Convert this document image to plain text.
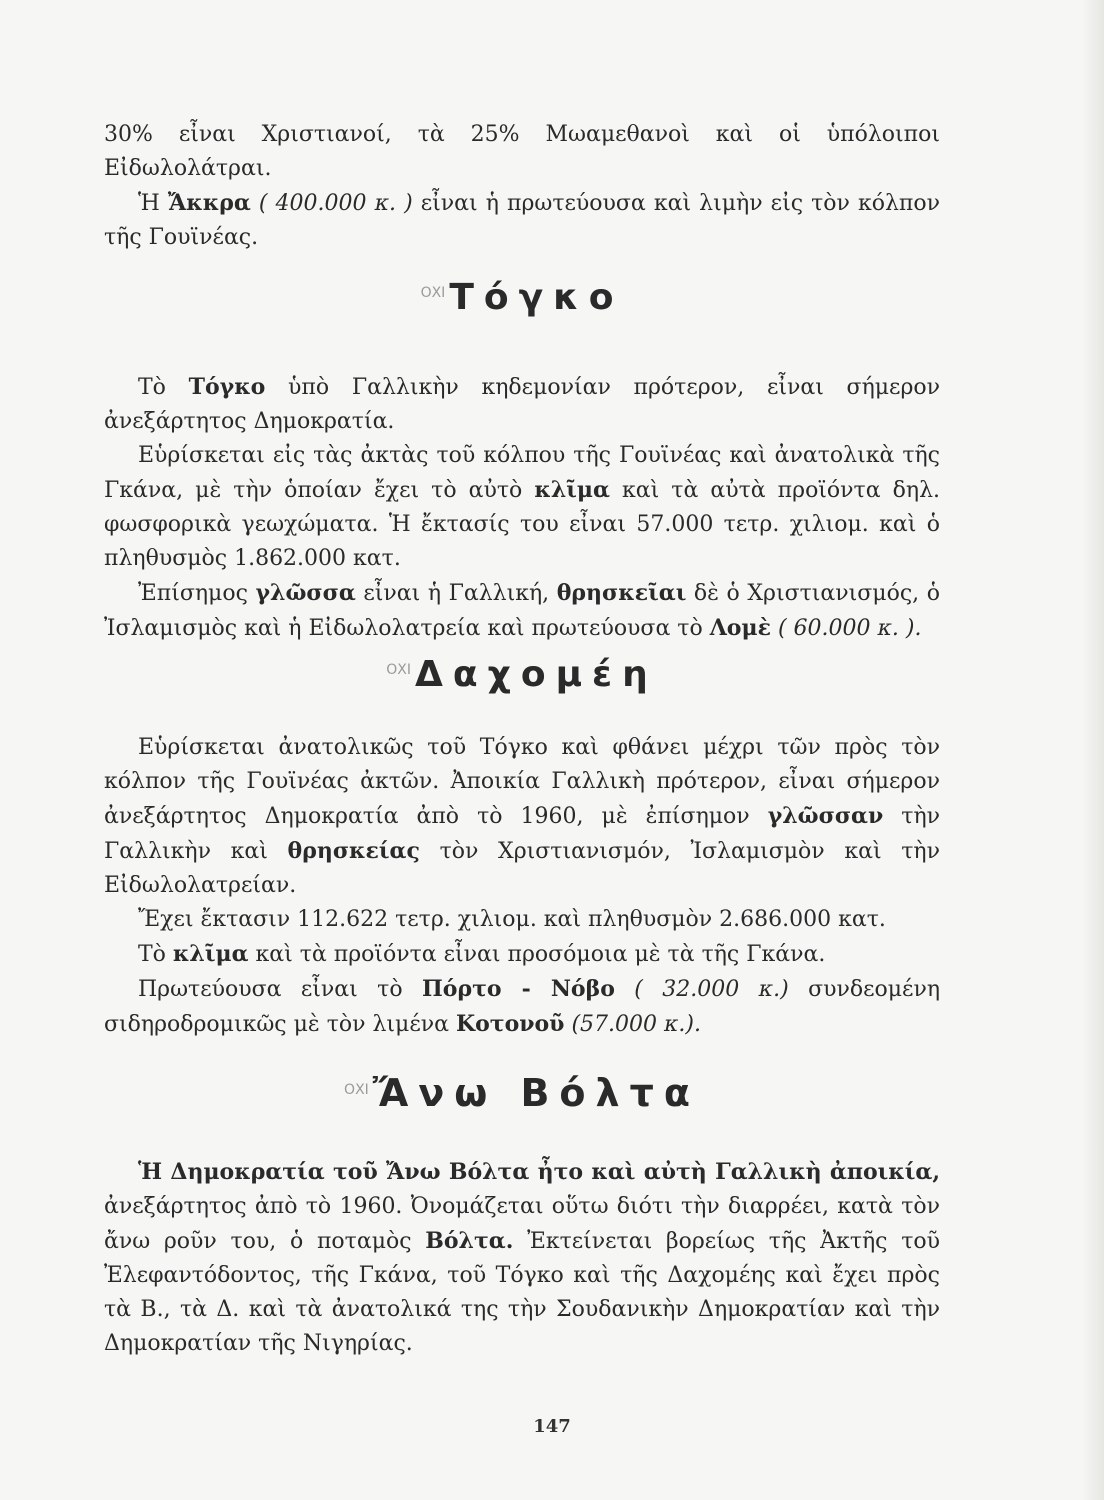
30% εἶναι Χριστιανοί, τὰ 25% Μωαμεθανοὶ καὶ οἱ ὑπόλοιποι Εἰδωλολάτραι.

Ἡ Ἄκκρα ( 400.000 κ. ) εἶναι ἡ πρωτεύουσα καὶ λιμὴν εἰς τὸν κόλπον τῆς Γουϊνέας.

$^{OXI}$ Τόγκο

Τὸ Τόγκο ὑπὸ Γαλλικὴν κηδεμονίαν πρότερον, εἶναι σήμερον ἀνεξάρτητος Δημοκρατία.

Εὑρίσκεται εἰς τὰς ἀκτὰς τοῦ κόλπου τῆς Γουϊνέας καὶ ἀνατολικὰ τῆς Γκάνα, μὲ τὴν ὁποίαν ἔχει τὸ αὐτὸ κλῖμα καὶ τὰ αὐτὰ προϊόντα δηλ. φωσφορικὰ γεωχώματα. Ἡ ἔκτασίς του εἶναι 57.000 τετρ. χιλιομ. καὶ ὁ πληθυσμὸς 1.862.000 κατ.

Ἐπίσημος γλῶσσα εἶναι ἡ Γαλλική, θρησκεῖαι δὲ ὁ Χριστιανισμός, ὁ Ἰσλαμισμὸς καὶ ἡ Εἰδωλολατρεία καὶ πρωτεύουσα τὸ Λομὲ ( 60.000 κ. ).

$^{OXI}$ Δαχομέη

Εὑρίσκεται ἀνατολικῶς τοῦ Τόγκο καὶ φθάνει μέχρι τῶν πρὸς τὸν κόλπον τῆς Γουϊνέας ἀκτῶν. Ἀποικία Γαλλικὴ πρότερον, εἶναι σήμερον ἀνεξάρτητος Δημοκρατία ἀπὸ τὸ 1960, μὲ ἐπίσημον γλῶσσαν τὴν Γαλλικὴν καὶ θρησκείας τὸν Χριστιανισμόν, Ἰσλαμισμὸν καὶ τὴν Εἰδωλολατρείαν.

Ἔχει ἔκτασιν 112.622 τετρ. χιλιομ. καὶ πληθυσμὸν 2.686.000 κατ.

Τὸ κλῖμα καὶ τὰ προϊόντα εἶναι προσόμοια μὲ τὰ τῆς Γκάνα.

Πρωτεύουσα εἶναι τὸ Πόρτο - Νόβο ( 32.000 κ.) συνδεομένη σιδηροδρομικῶς μὲ τὸν λιμένα Κοτονοῦ (57.000 κ.).

$^{OXI}$ Ἄνω Βόλτα

Ἡ Δημοκρατία τοῦ Ἄνω Βόλτα ἦτο καὶ αὐτὴ Γαλλικὴ ἀποικία, ἀνεξάρτητος ἀπὸ τὸ 1960. Ὀνομάζεται οὕτω διότι τὴν διαρρέει, κατὰ τὸν ἄνω ροῦν του, ὁ ποταμὸς Βόλτα. Ἐκτείνεται βορείως τῆς Ἀκτῆς τοῦ Ἐλεφαντόδοντος, τῆς Γκάνα, τοῦ Τόγκο καὶ τῆς Δαχομέης καὶ ἔχει πρὸς τὰ Β., τὰ Δ. καὶ τὰ ἀνατολικά της τὴν Σουδανικὴν Δημοκρατίαν καὶ τὴν Δημοκρατίαν τῆς Νιγηρίας.

147
